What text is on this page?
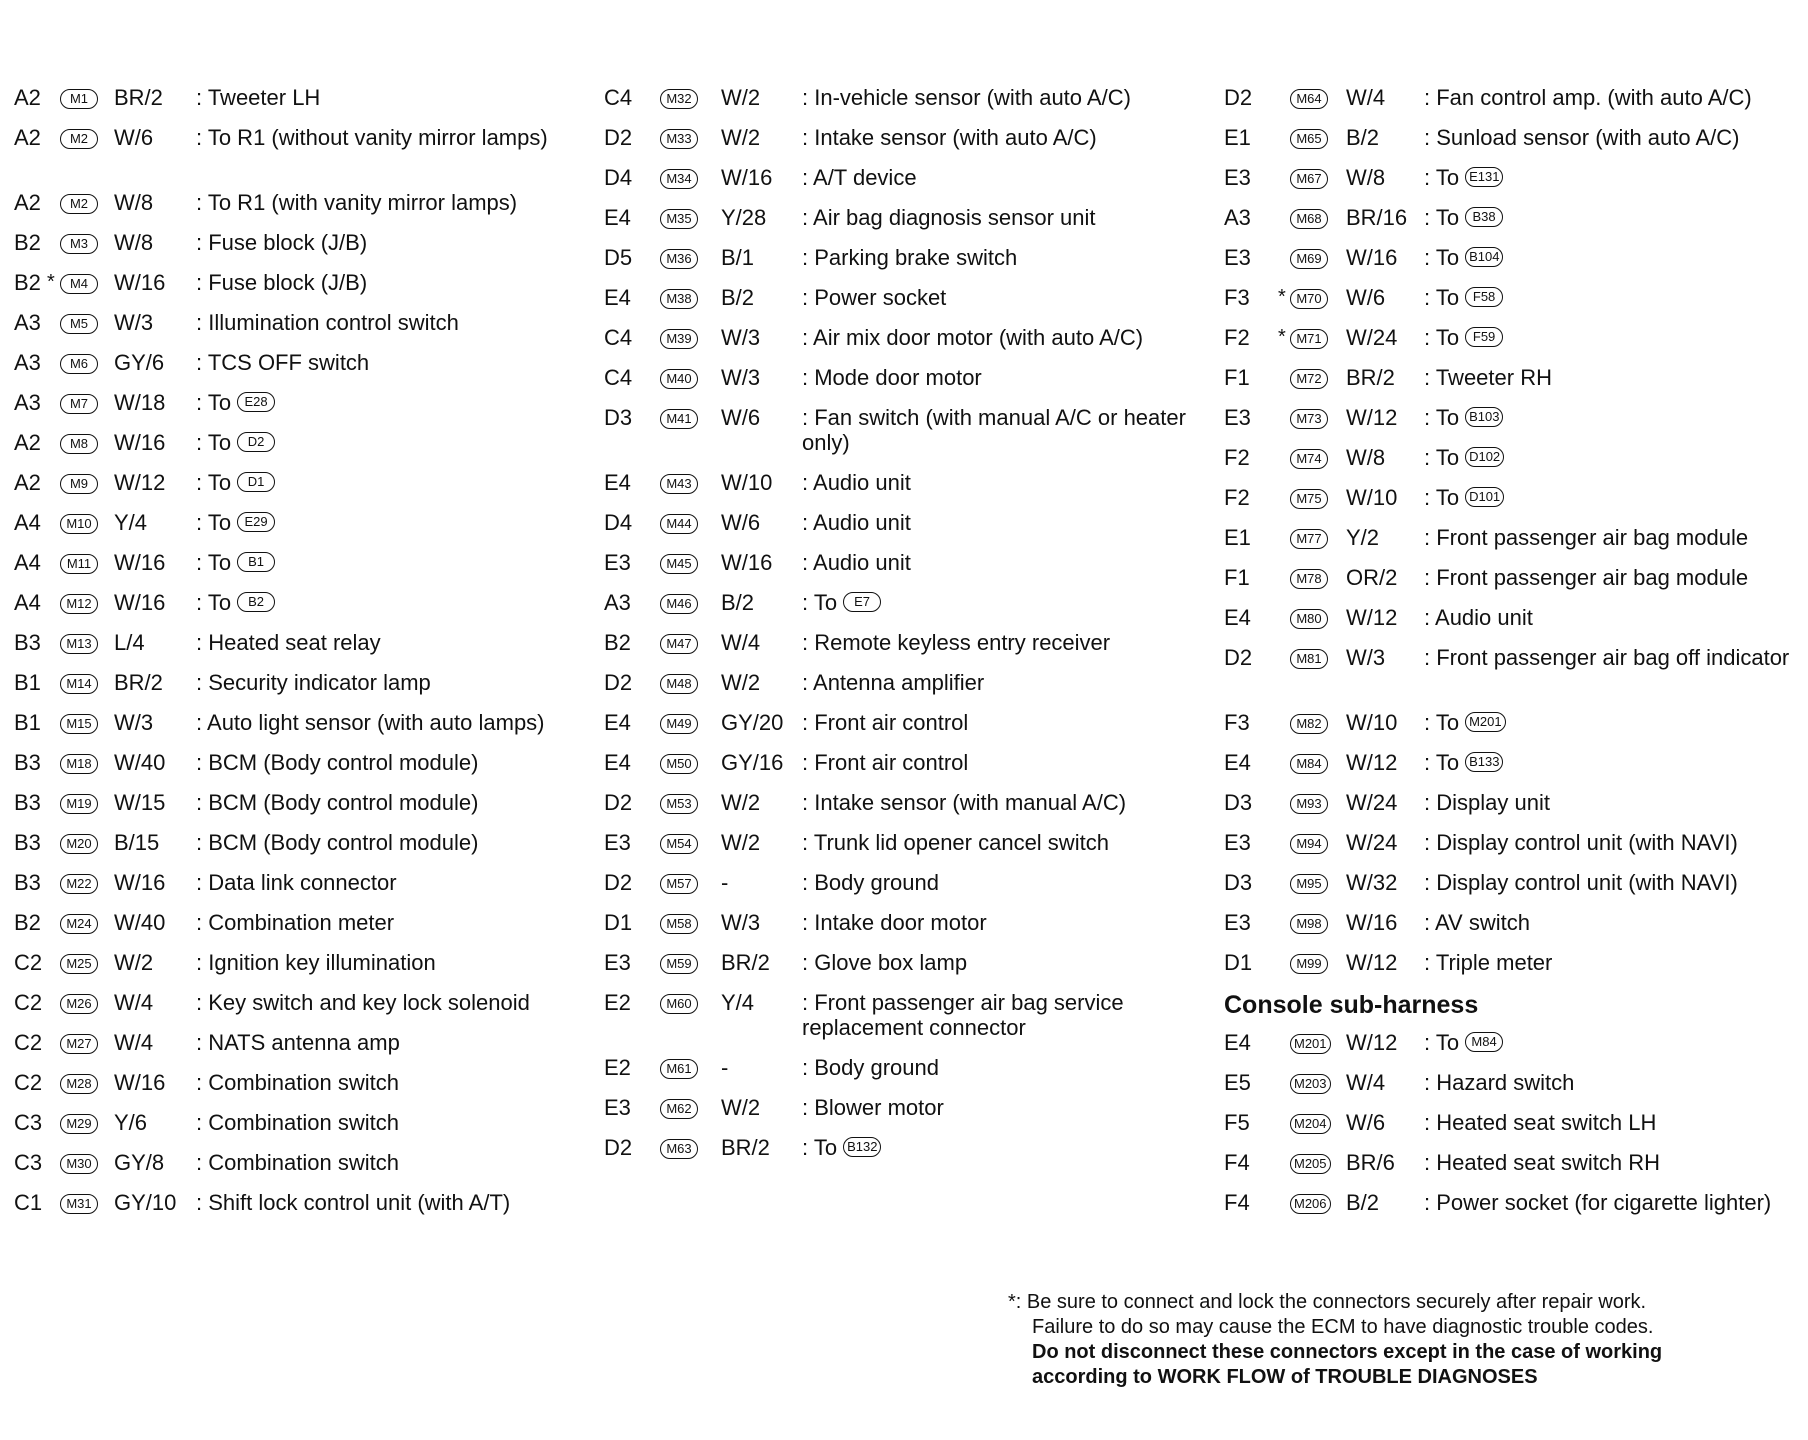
A2	M1	BR/2 : Tweeter LH
A2	M2	W/6 : To R1 (without vanity mirror lamps)
A2	M2	W/8 : To R1 (with vanity mirror lamps)
B2	M3	W/8 : Fuse block (J/B)
B2 *	M4	W/16 : Fuse block (J/B)
A3	M5	W/3 : Illumination control switch
A3	M6	GY/6 : TCS OFF switch
A3	M7	W/18 : To E28
A2	M8	W/16 : To D2
A2	M9	W/12 : To D1
A4	M10 Y/4 : To E29
A4	M11	W/16 : To B1
A4	M12 W/16 : To B2
B3	M13 L/4 : Heated seat relay
B1	M14 BR/2 : Security indicator lamp
B1	M15 W/3 : Auto light sensor (with auto lamps)
B3	M18 W/40 : BCM (Body control module)
B3	M19 W/15 : BCM (Body control module)
B3	M20 B/15 : BCM (Body control module)
B3	M22 W/16 : Data link connector
B2	M24 W/40 : Combination meter
C2	M25 W/2 : Ignition key illumination
C2	M26 W/4 : Key switch and key lock solenoid
C2	M27 W/4 : NATS antenna amp
C2	M28 W/16 : Combination switch
C3	M29 Y/6 : Combination switch
C3	M30 GY/8 : Combination switch
C1	M31 GY/10 : Shift lock control unit (with A/T)
C4	M32 W/2 : In-vehicle sensor (with auto A/C)
D2	M33 W/2 : Intake sensor (with auto A/C)
D4	M34 W/16 : A/T device
E4	M35 Y/28 : Air bag diagnosis sensor unit
D5	M36 B/1 : Parking brake switch
E4	M38 B/2 : Power socket
C4	M39 W/3 : Air mix door motor (with auto A/C)
C4	M40 W/3 : Mode door motor
D3	M41 W/6 : Fan switch (with manual A/C or heater only)
E4	M43 W/10 : Audio unit
D4	M44 W/6 : Audio unit
E3	M45 W/16 : Audio unit
A3	M46 B/2 : To E7
B2	M47 W/4 : Remote keyless entry receiver
D2	M48 W/2 : Antenna amplifier
E4	M49 GY/20 : Front air control
E4	M50 GY/16 : Front air control
D2	M53 W/2 : Intake sensor (with manual A/C)
E3	M54 W/2 : Trunk lid opener cancel switch
D2	M57 -	: Body ground
D1	M58 W/3 : Intake door motor
E3	M59 BR/2 : Glove box lamp
E2	M60 Y/4 : Front passenger air bag service replacement connector
E2	M61 -	: Body ground
E3	M62 W/2 : Blower motor
D2	M63 BR/2 : To B132
D2	M64 W/4 : Fan control amp. (with auto A/C)
E1	M65 B/2 : Sunload sensor (with auto A/C)
E3	M67 W/8 : To E131
A3	M68 BR/16 : To B38
E3	M69 W/16 : To B104
F3 * M70 W/6 : To F58
F2 * M71 W/24 : To F59
F1	M72 BR/2 : Tweeter RH
E3	M73 W/12 : To B103
F2	M74 W/8 : To D102
F2	M75 W/10 : To D101
E1	M77 Y/2 : Front passenger air bag module
F1	M78 OR/2 : Front passenger air bag module
E4	M80 W/12 : Audio unit
D2	M81 W/3 : Front passenger air bag off indicator
F3	M82 W/10 : To M201
E4	M84 W/12 : To B133
D3	M93 W/24 : Display unit
E3	M94 W/24 : Display control unit (with NAVI)
D3	M95 W/32 : Display control unit (with NAVI)
E3	M98 W/16 : AV switch
D1	M99 W/12 : Triple meter
Console sub-harness
E4	M201 W/12 : To M84
E5	M203 W/4 : Hazard switch
F5	M204 W/6 : Heated seat switch LH
F4	M205 BR/6 : Heated seat switch RH
F4	M206 B/2 : Power socket (for cigarette lighter)
*: Be sure to connect and lock the connectors securely after repair work.
Failure to do so may cause the ECM to have diagnostic trouble codes.
Do not disconnect these connectors except in the case of working
according to WORK FLOW of TROUBLE DIAGNOSES
